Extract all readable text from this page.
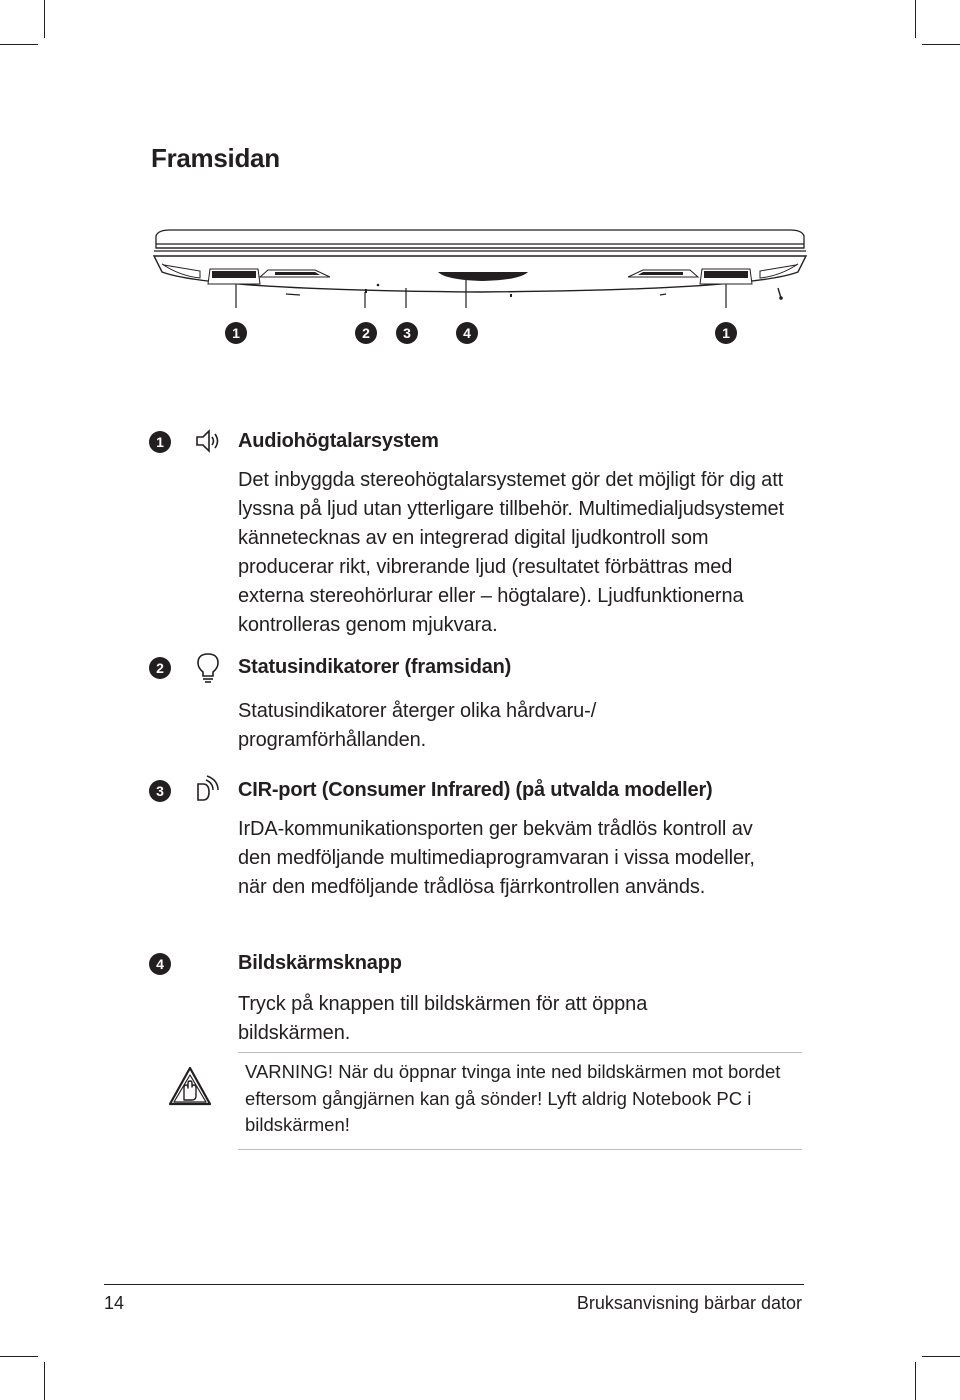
Framsidan
1	2	3	4	1
1	Audiohögtalarsystem

Det inbyggda stereohögtalarsystemet gör det möjligt för dig att lyssna på ljud utan ytterligare tillbehör. Multimedialjudsystemet kännetecknas av en integrerad digital ljudkontroll som producerar rikt, vibrerande ljud (resultatet förbättras med externa stereohörlurar eller – högtalare). Ljudfunktionerna kontrolleras genom mjukvara.

2	Statusindikatorer (framsidan)

Statusindikatorer återger olika hårdvaru-/ programförhållanden.

3	CIR-port (Consumer Infrared) (på utvalda modeller)

IrDA-kommunikationsporten ger bekväm trådlös kontroll av den medföljande multimediaprogramvaran i vissa modeller, när den medföljande trådlösa fjärrkontrollen används.

4	Bildskärmsknapp

Tryck på knappen till bildskärmen för att öppna bildskärmen.

VARNING! När du öppnar tvinga inte ned bildskärmen mot bordet eftersom gångjärnen kan gå sönder! Lyft aldrig Notebook PC i bildskärmen!
14	Bruksanvisning bärbar dator
